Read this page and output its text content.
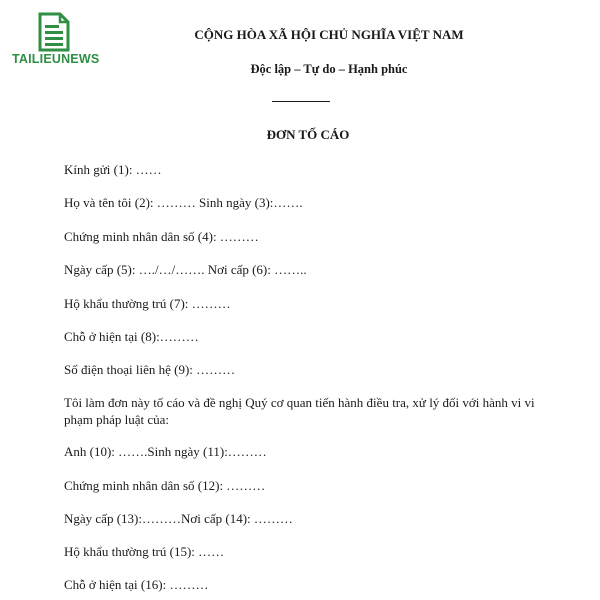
TAILIEUNEWS
CỘNG HÒA XÃ HỘI CHỦ NGHĨA VIỆT NAM
Độc lập – Tự do – Hạnh phúc
ĐƠN TỐ CÁO
Kính gửi (1): ……
Họ và tên tôi (2): ……… Sinh ngày (3):…….
Chứng minh nhân dân số (4): ………
Ngày cấp (5): …./…/……. Nơi cấp (6): ……..
Hộ khẩu thường trú (7): ………
Chỗ ở hiện tại (8):………
Số điện thoại liên hệ (9): ………
Tôi làm đơn này tố cáo và đề nghị Quý cơ quan tiến hành điều tra, xử lý đối với hành vi vi phạm pháp luật của:
Anh (10): …….Sinh ngày (11):………
Chứng minh nhân dân số (12): ………
Ngày cấp (13):………Nơi cấp (14): ………
Hộ khẩu thường trú (15): ……
Chỗ ở hiện tại (16): ………
